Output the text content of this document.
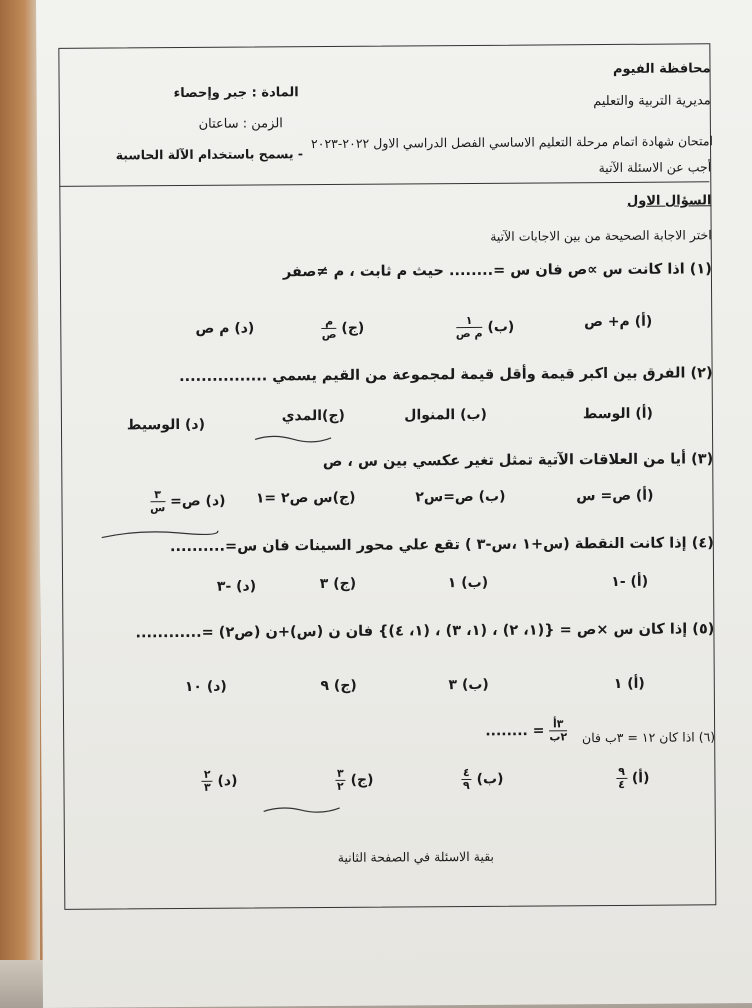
محافظة الفيوم
مديرية التربية والتعليم
امتحان شهادة اتمام مرحلة التعليم الاساسي الفصل الدراسي الاول ٢٠٢٢-٢٠٢٣
- يسمح باستخدام الآلة الحاسبة
المادة : جبر وإحصاء
الزمن : ساعتان
أجب عن الاسئلة الآتية
السؤال الاول
اختر الاجابة الصحيحة من بين الاجابات الآتية
(١) اذا كانت س ∝ص فان س =........ حيث م ثابت ، م ≠صفر
(أ) م+ ص
(ب)
$\frac{١}{\text{م ص}}$
(ج)
$\frac{\text{م}}{\text{ص}}$
(د) م ص
(٢) الفرق بين اكبر قيمة وأقل قيمة لمجموعة من القيم يسمي ................
(أ) الوسط
(ب) المنوال
(ج)المدي
(د) الوسيط
(٣) أيا من العلاقات الآتية تمثل تغير عكسي بين س ، ص
(أ) ص= س
(ب) ص=س٢
(ج)س ص٢ =١
(د) ص=
$\frac{٣}{\text{س}}$
(٤) إذا كانت النقطة (س+١ ،س-٣ ) تقع علي محور السينات فان س=..........
(أ) -١
(ب) ١
(ج) ٣
(د) -٣
(٥) إذا كان س ×ص = {(١، ٢) ، (١، ٣) ، (١، ٤)} فان ن (س)+ن (ص٢) =............
(أ) ١
(ب) ٣
(ج) ٩
(د) ١٠
(٦) اذا كان ١٢ = ٣ب فان
$\frac{\text{٣أ}}{\text{٢ب}}$
= ........
(أ)
$\frac{٩}{٤}$
(ب)
$\frac{٤}{٩}$
(ج)
$\frac{٣}{٢}$
(د)
$\frac{٢}{٣}$
بقية الاسئلة في الصفحة الثانية
